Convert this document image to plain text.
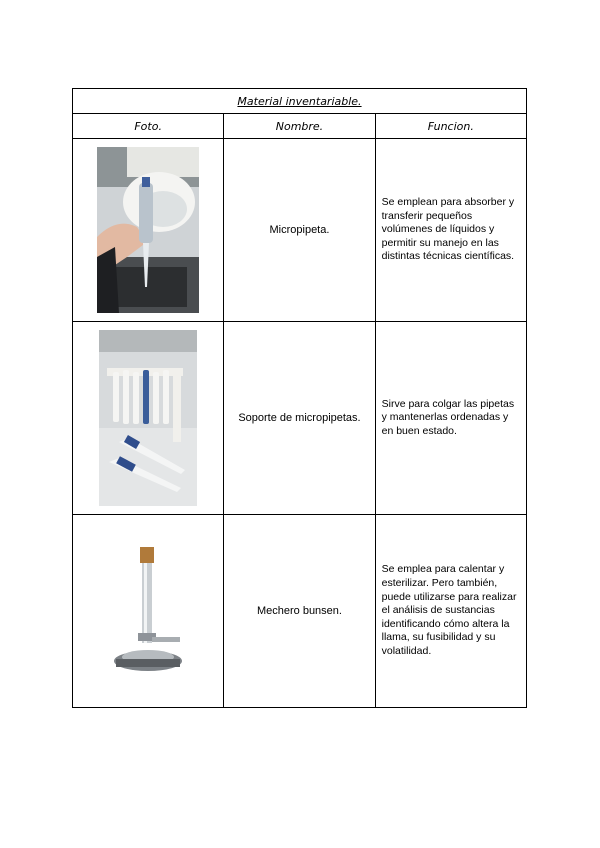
Material inventariable.		
Foto.	Nombre.	Funcion.
	Micropipeta.	Se emplean para absorber y transferir pequeños volúmenes de líquidos y permitir su manejo en las distintas técnicas científicas.
	Soporte de micropipetas.	Sirve para colgar las pipetas y mantenerlas ordenadas y en buen estado.
	Mechero bunsen.	Se emplea para calentar y esterilizar. Pero también, puede utilizarse para realizar el análisis de sustancias identificando cómo altera la llama, su fusibilidad y su volatilidad.
